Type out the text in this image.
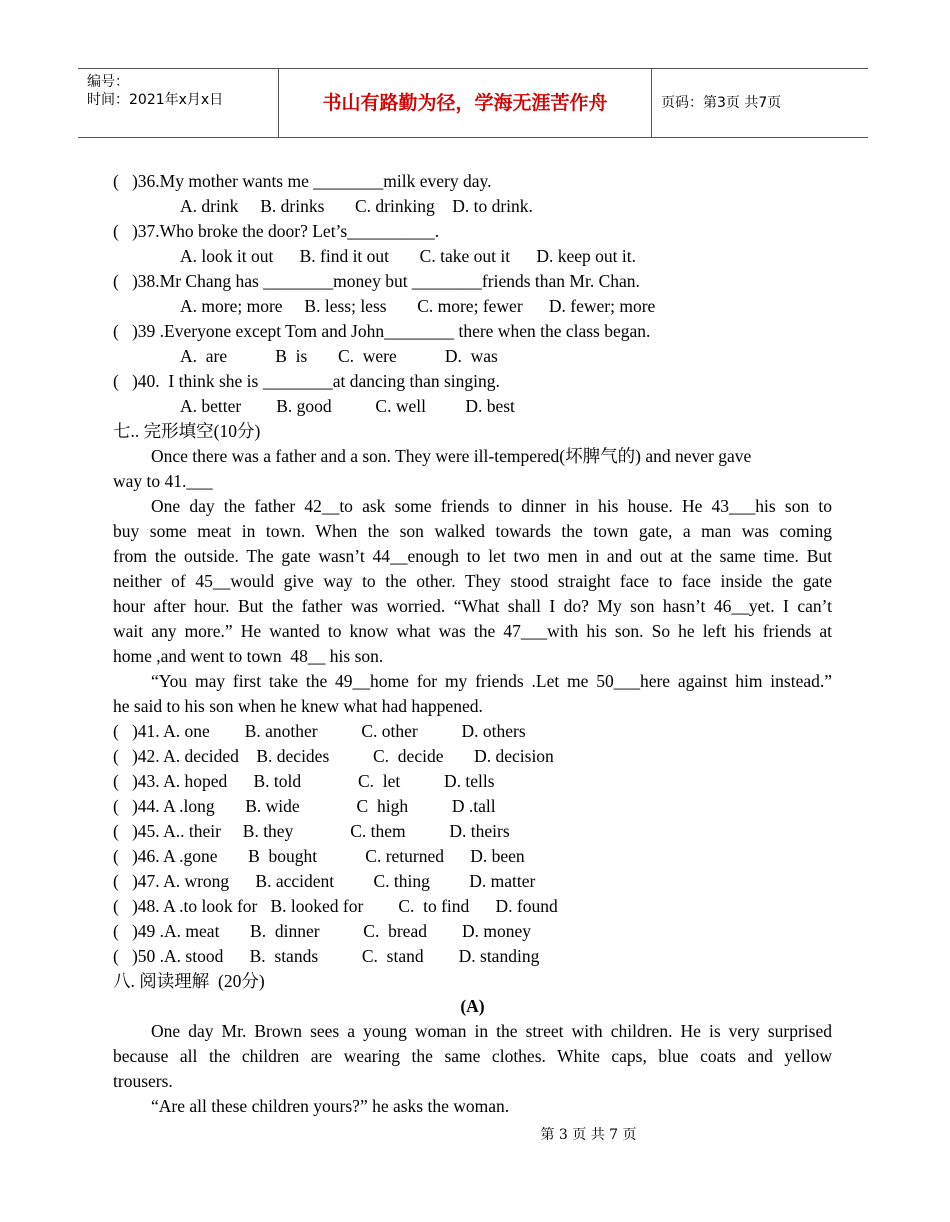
编号：
时间：2021年x月x日	书山有路勤为径，学海无涯苦作舟	页码：第3页 共7页
(   )36.My mother wants me ________milk every day.
A. drink     B. drinks       C. drinking    D. to drink.
(   )37.Who broke the door? Let’s__________.
A. look it out      B. find it out       C. take out it      D. keep out it.
(   )38.Mr Chang has ________money but ________friends than Mr. Chan.
A. more; more     B. less; less       C. more; fewer      D. fewer; more
(   )39 .Everyone except Tom and John________ there when the class began.
A.  are           B  is       C.  were           D.  was
(   )40.  I think she is ________at dancing than singing.
A. better        B. good          C. well         D. best
七.. 完形填空(10分)
Once there was a father and a son. They were ill-tempered(坏脾气的) and never gave
way to 41.___
One day the father 42__to ask some friends to dinner in his house. He 43___his son to
buy some meat in town. When the son walked towards the town gate, a man was coming
from the outside. The gate wasn’t 44__enough to let two men in and out at the same time. But
neither of 45__would give way to the other. They stood straight face to face inside the gate
hour after hour. But the father was worried. “What shall I do? My son hasn’t 46__yet. I can’t
wait any more.” He wanted to know what was the 47___with his son. So he left his friends at
home ,and went to town  48__ his son.
“You may first take the 49__home for my friends .Let me 50___here against him instead.”
he said to his son when he knew what had happened.
(   )41. A. one        B. another          C. other          D. others
(   )42. A. decided    B. decides          C.  decide       D. decision
(   )43. A. hoped      B. told             C.  let          D. tells
(   )44. A .long       B. wide             C  high          D .tall
(   )45. A.. their     B. they             C. them          D. theirs
(   )46. A .gone       B  bought           C. returned      D. been
(   )47. A. wrong      B. accident         C. thing         D. matter
(   )48. A .to look for   B. looked for        C.  to find      D. found
(   )49 .A. meat       B.  dinner          C.  bread        D. money
(   )50 .A. stood      B.  stands          C.  stand        D. standing
八. 阅读理解  (20分)
(A)
One day Mr. Brown sees a young woman in the street with children. He is very surprised
because all the children are wearing the same clothes. White caps, blue coats and yellow
trousers.
“Are all these children yours?” he asks the woman.
第 3 页 共 7 页
